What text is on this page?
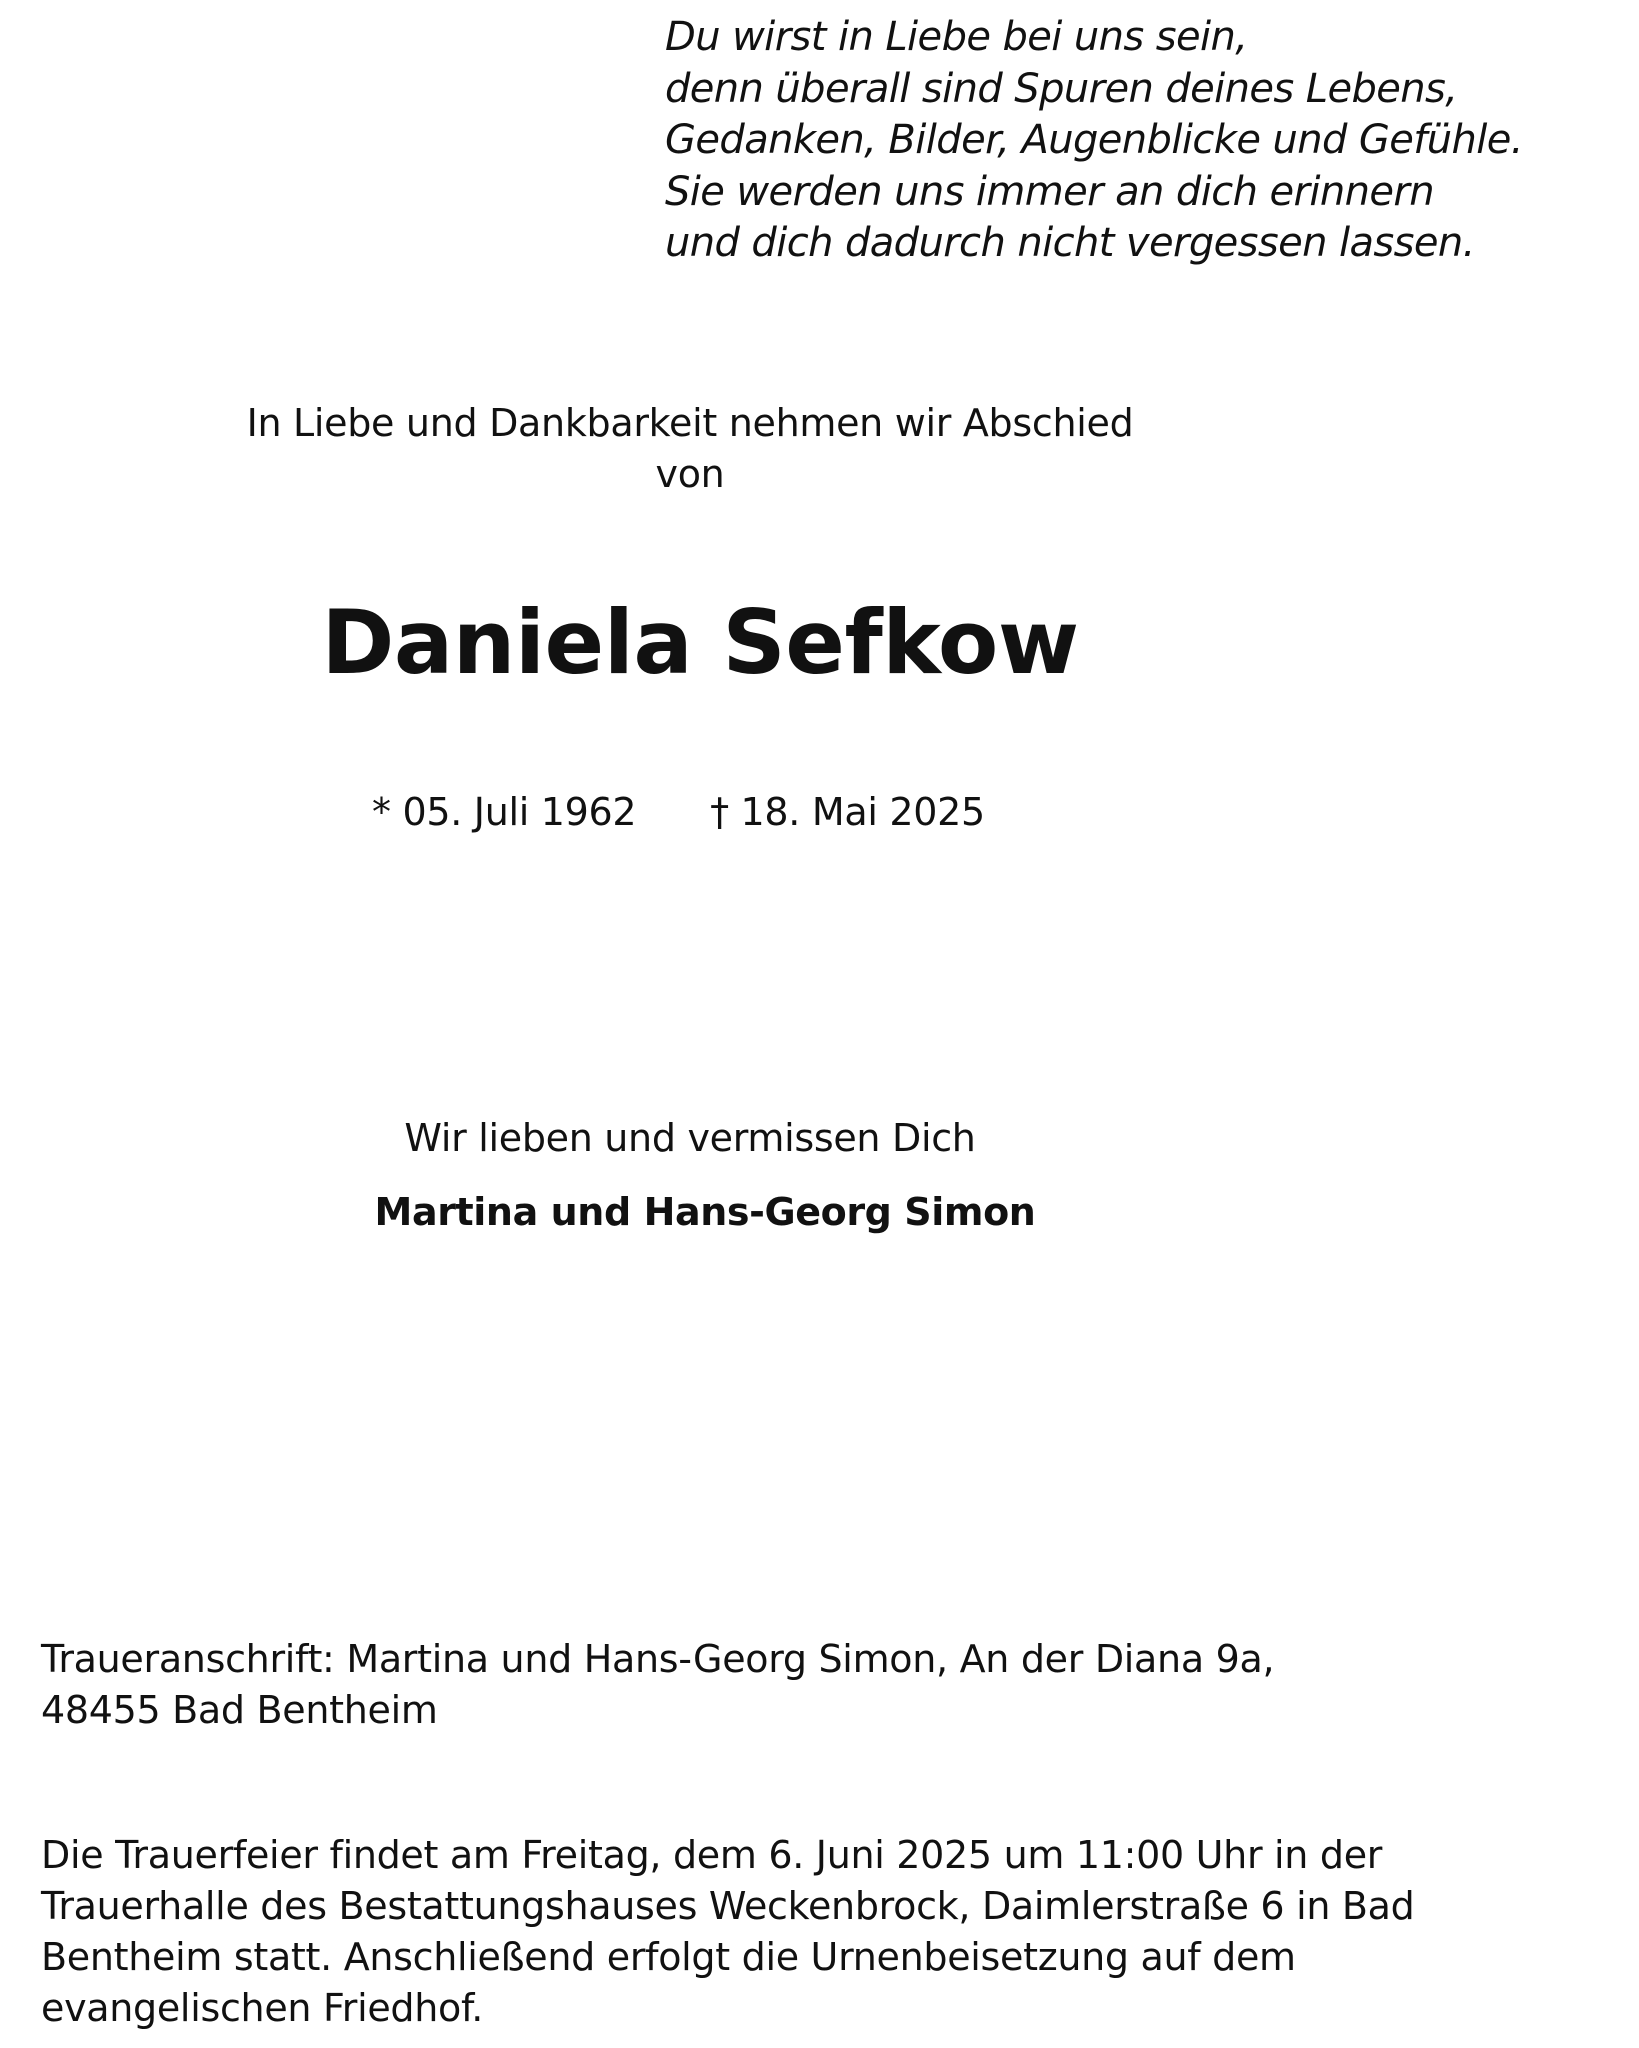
Du wirst in Liebe bei uns sein,
denn überall sind Spuren deines Lebens,
Gedanken, Bilder, Augenblicke und Gefühle.
Sie werden uns immer an dich erinnern
und dich dadurch nicht vergessen lassen.
In Liebe und Dankbarkeit nehmen wir Abschied
von
Daniela Sefkow
* 05. Juli 1962 † 18. Mai 2025
Wir lieben und vermissen Dich
Martina und Hans-Georg Simon
Traueranschrift: Martina und Hans-Georg Simon, An der Diana 9a,
48455 Bad Bentheim
Die Trauerfeier findet am Freitag, dem 6. Juni 2025 um 11:00 Uhr in der
Trauerhalle des Bestattungshauses Weckenbrock, Daimlerstraße 6 in Bad
Bentheim statt. Anschließend erfolgt die Urnenbeisetzung auf dem
evangelischen Friedhof.
